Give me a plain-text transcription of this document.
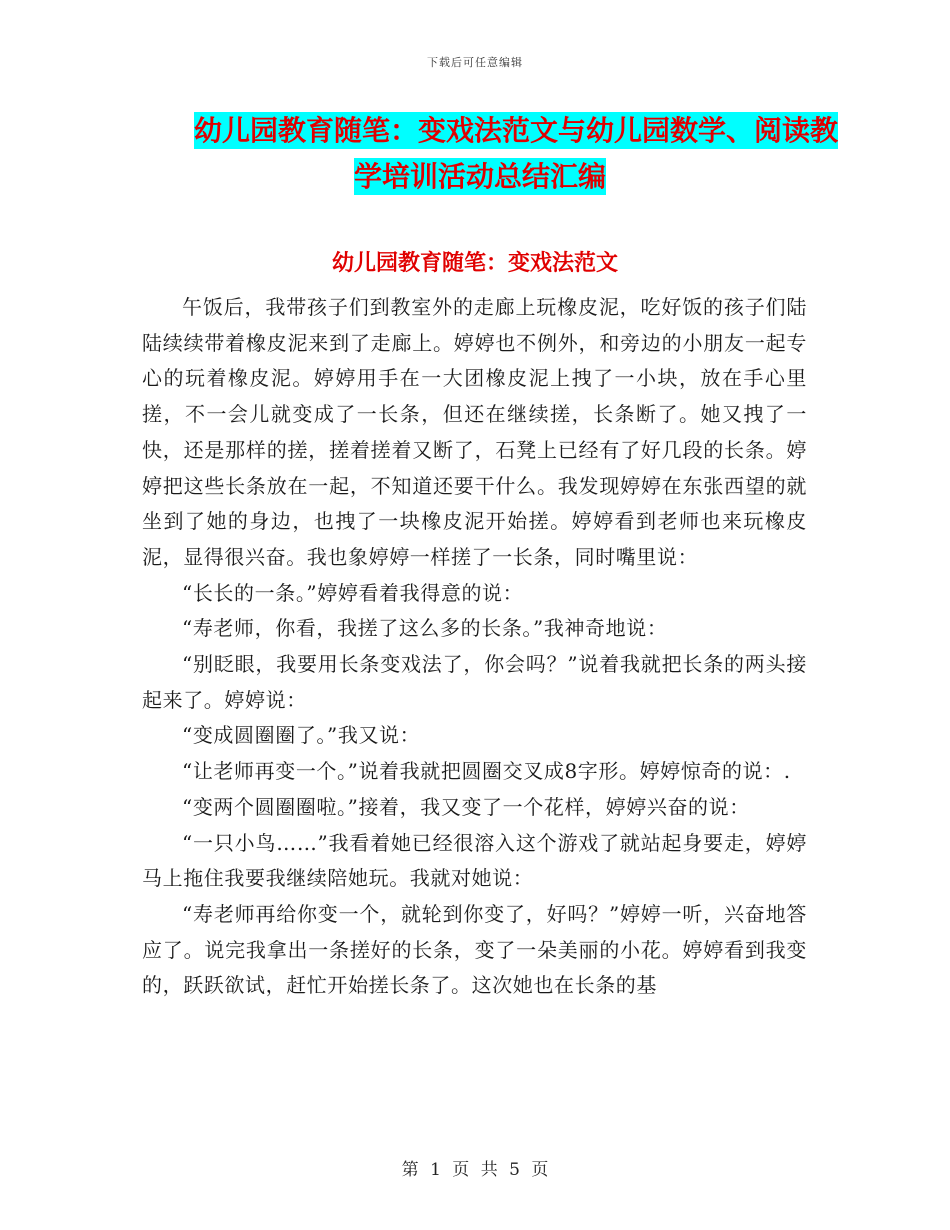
下载后可任意编辑
幼儿园教育随笔：变戏法范文与幼儿园数学、阅读教
学培训活动总结汇编
幼儿园教育随笔：变戏法范文

午饭后，我带孩子们到教室外的走廊上玩橡皮泥，吃好饭的孩子们陆陆续续带着橡皮泥来到了走廊上。婷婷也不例外，和旁边的小朋友一起专心的玩着橡皮泥。婷婷用手在一大团橡皮泥上拽了一小块，放在手心里搓，不一会儿就变成了一长条，但还在继续搓，长条断了。她又拽了一快，还是那样的搓，搓着搓着又断了，石凳上已经有了好几段的长条。婷婷把这些长条放在一起，不知道还要干什么。我发现婷婷在东张西望的就坐到了她的身边，也拽了一块橡皮泥开始搓。婷婷看到老师也来玩橡皮泥，显得很兴奋。我也象婷婷一样搓了一长条，同时嘴里说：

“长长的一条。”婷婷看着我得意的说：

“寿老师，你看，我搓了这么多的长条。”我神奇地说：

“别眨眼，我要用长条变戏法了，你会吗？”说着我就把长条的两头接起来了。婷婷说：

“变成圆圈圈了。”我又说：

“让老师再变一个。”说着我就把圆圈交叉成8字形。婷婷惊奇的说：.

“变两个圆圈圈啦。”接着，我又变了一个花样，婷婷兴奋的说：

“一只小鸟……”我看着她已经很溶入这个游戏了就站起身要走，婷婷马上拖住我要我继续陪她玩。我就对她说：

“寿老师再给你变一个，就轮到你变了，好吗？”婷婷一听，兴奋地答应了。说完我拿出一条搓好的长条，变了一朵美丽的小花。婷婷看到我变的，跃跃欲试，赶忙开始搓长条了。这次她也在长条的基

第 1 页 共 5 页
